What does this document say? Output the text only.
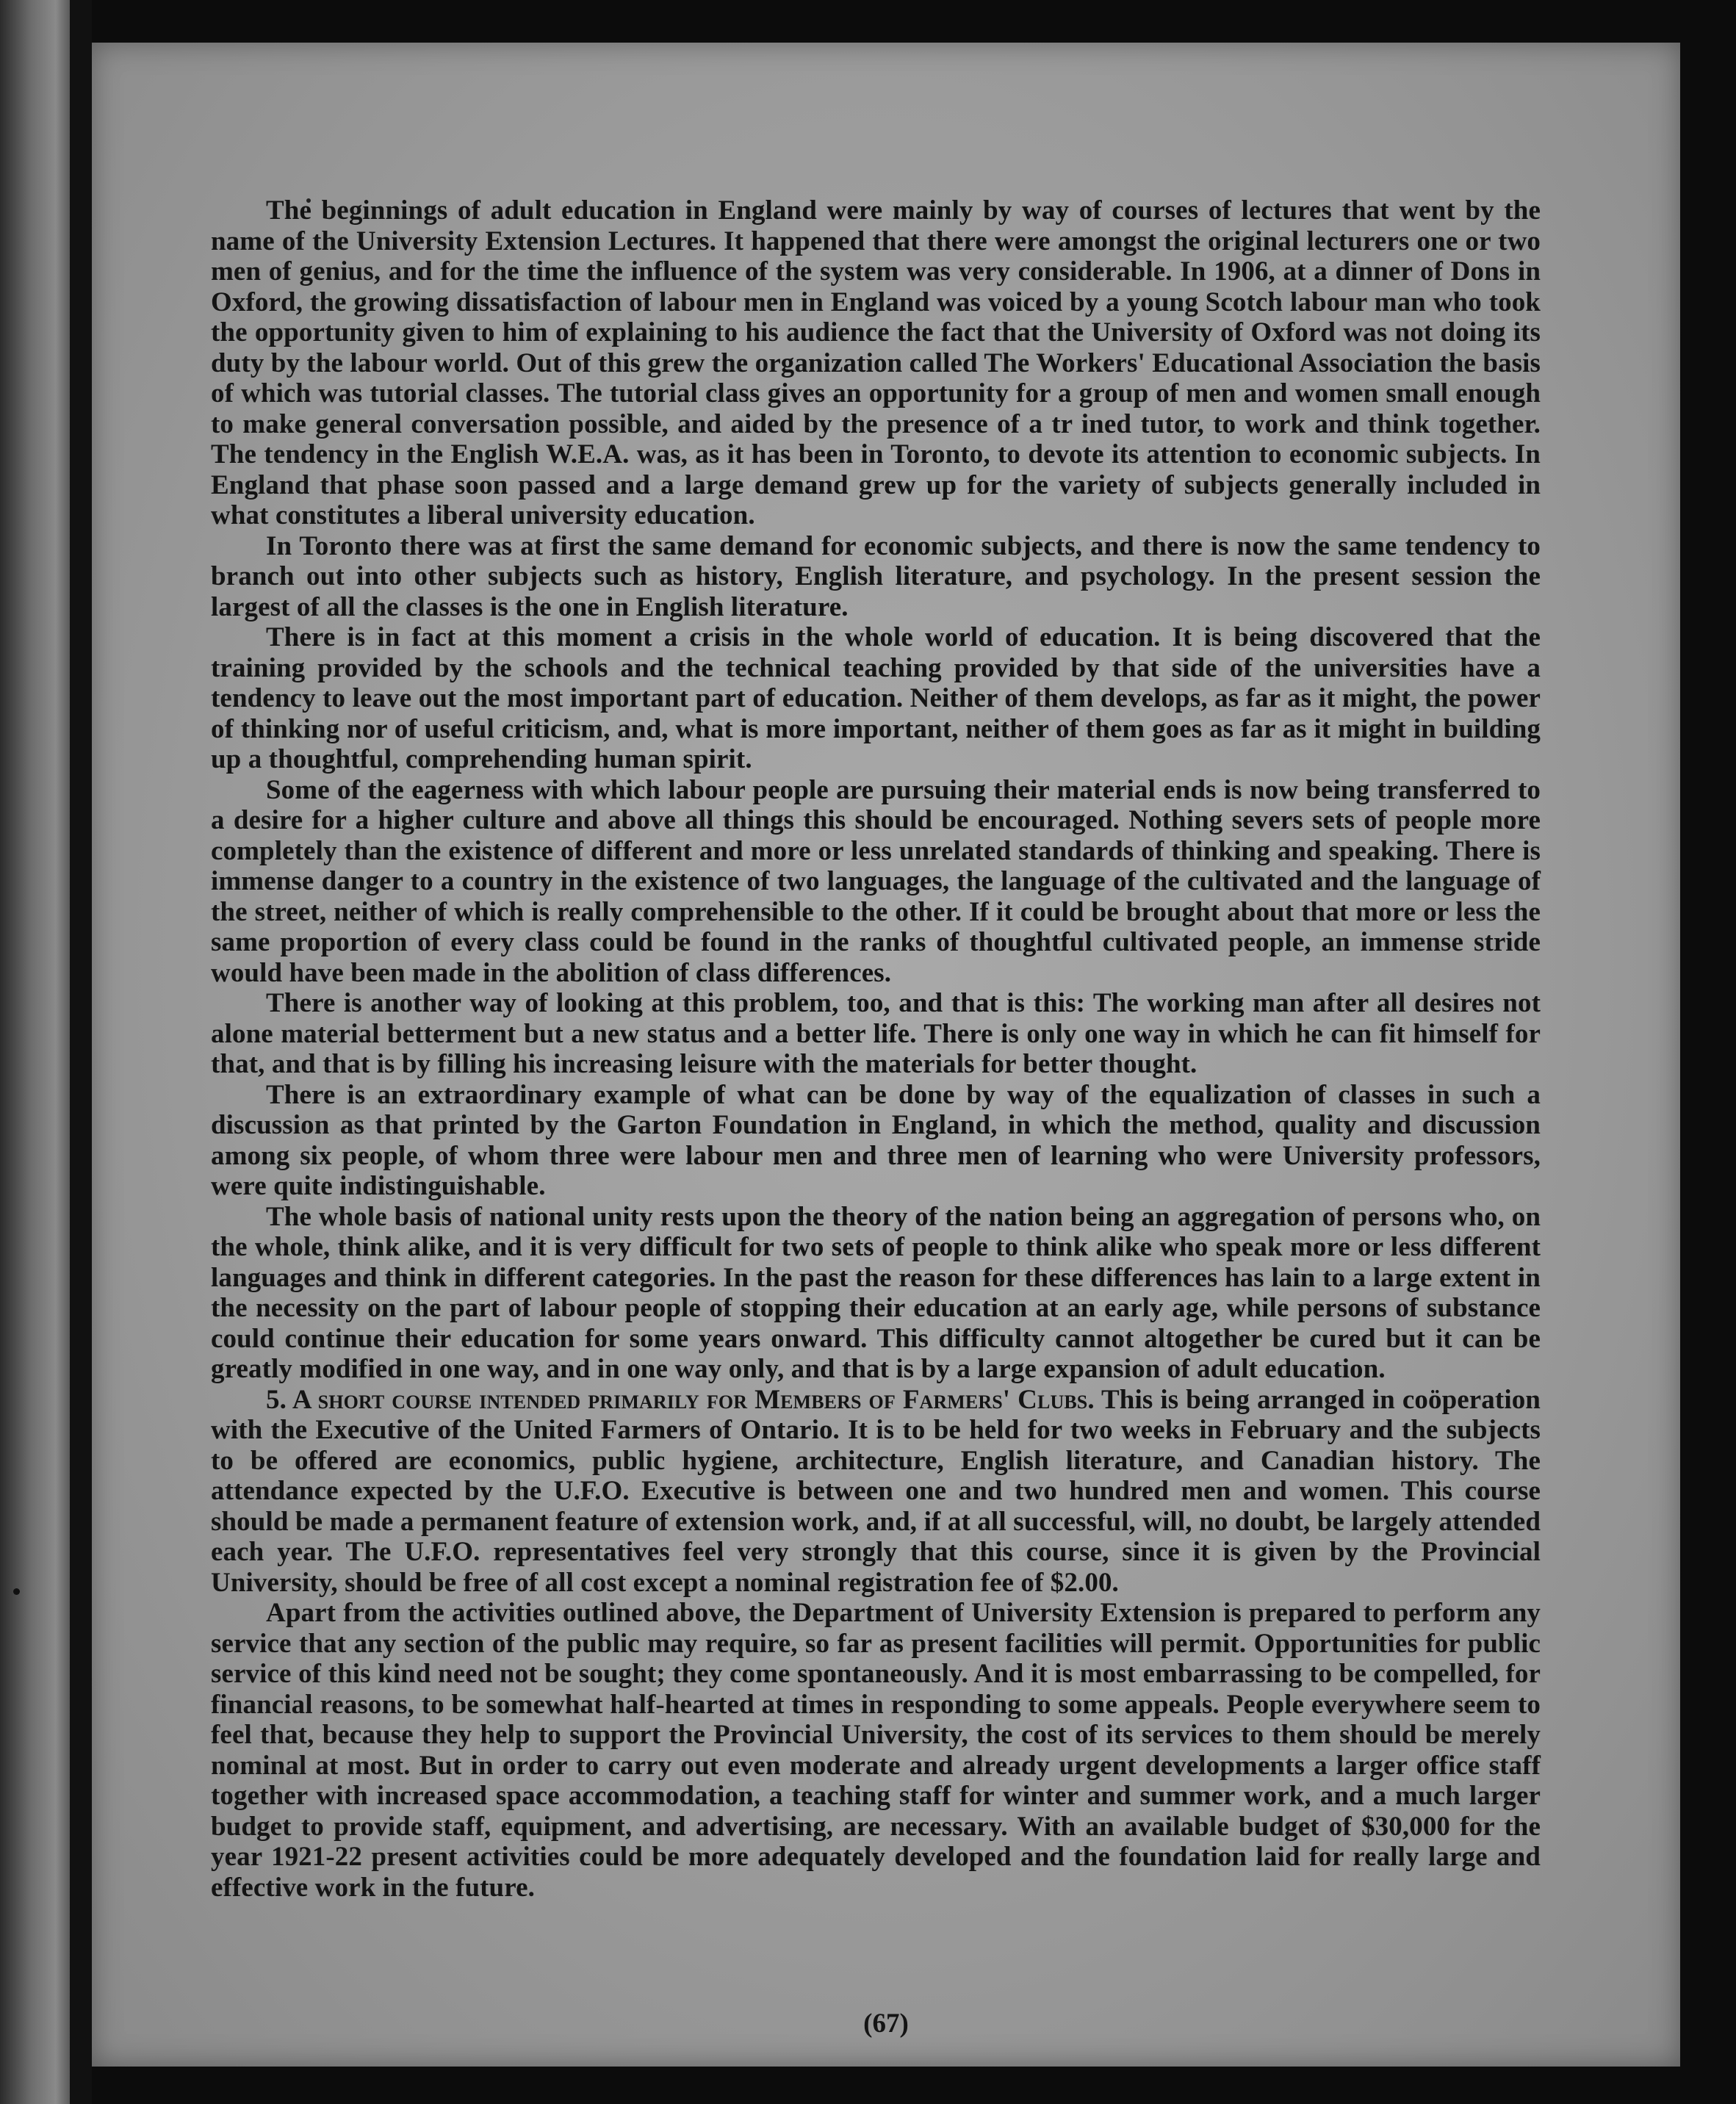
The beginnings of adult education in England were mainly by way of courses of lectures that went by the name of the University Extension Lectures. It happened that there were amongst the original lecturers one or two men of genius, and for the time the influence of the system was very considerable. In 1906, at a dinner of Dons in Oxford, the growing dissatisfaction of labour men in England was voiced by a young Scotch labour man who took the opportunity given to him of explaining to his audience the fact that the University of Oxford was not doing its duty by the labour world. Out of this grew the organization called The Workers' Educational Association the basis of which was tutorial classes. The tutorial class gives an opportunity for a group of men and women small enough to make general conversation possible, and aided by the presence of a tr ined tutor, to work and think together. The tendency in the English W.E.A. was, as it has been in Toronto, to devote its attention to economic subjects. In England that phase soon passed and a large demand grew up for the variety of subjects generally included in what constitutes a liberal university education.

In Toronto there was at first the same demand for economic subjects, and there is now the same tendency to branch out into other subjects such as history, English literature, and psychology. In the present session the largest of all the classes is the one in English literature.

There is in fact at this moment a crisis in the whole world of education. It is being discovered that the training provided by the schools and the technical teaching provided by that side of the universities have a tendency to leave out the most important part of education. Neither of them develops, as far as it might, the power of thinking nor of useful criticism, and, what is more important, neither of them goes as far as it might in building up a thoughtful, comprehending human spirit.

Some of the eagerness with which labour people are pursuing their material ends is now being transferred to a desire for a higher culture and above all things this should be encouraged. Nothing severs sets of people more completely than the existence of different and more or less unrelated standards of thinking and speaking. There is immense danger to a country in the existence of two languages, the language of the cultivated and the language of the street, neither of which is really comprehensible to the other. If it could be brought about that more or less the same proportion of every class could be found in the ranks of thoughtful cultivated people, an immense stride would have been made in the abolition of class differences.

There is another way of looking at this problem, too, and that is this: The working man after all desires not alone material betterment but a new status and a better life. There is only one way in which he can fit himself for that, and that is by filling his increasing leisure with the materials for better thought.

There is an extraordinary example of what can be done by way of the equalization of classes in such a discussion as that printed by the Garton Foundation in England, in which the method, quality and discussion among six people, of whom three were labour men and three men of learning who were University professors, were quite indistinguishable.

The whole basis of national unity rests upon the theory of the nation being an aggregation of persons who, on the whole, think alike, and it is very difficult for two sets of people to think alike who speak more or less different languages and think in different categories. In the past the reason for these differences has lain to a large extent in the necessity on the part of labour people of stopping their education at an early age, while persons of substance could continue their education for some years onward. This difficulty cannot altogether be cured but it can be greatly modified in one way, and in one way only, and that is by a large expansion of adult education.

5. A short course intended primarily for Members of Farmers' Clubs. This is being arranged in coöperation with the Executive of the United Farmers of Ontario. It is to be held for two weeks in February and the subjects to be offered are economics, public hygiene, architecture, English literature, and Canadian history. The attendance expected by the U.F.O. Executive is between one and two hundred men and women. This course should be made a permanent feature of extension work, and, if at all successful, will, no doubt, be largely attended each year. The U.F.O. representatives feel very strongly that this course, since it is given by the Provincial University, should be free of all cost except a nominal registration fee of $2.00.

Apart from the activities outlined above, the Department of University Extension is prepared to perform any service that any section of the public may require, so far as present facilities will permit. Opportunities for public service of this kind need not be sought; they come spontaneously. And it is most embarrassing to be compelled, for financial reasons, to be somewhat half-hearted at times in responding to some appeals. People everywhere seem to feel that, because they help to support the Provincial University, the cost of its services to them should be merely nominal at most. But in order to carry out even moderate and already urgent developments a larger office staff together with increased space accommodation, a teaching staff for winter and summer work, and a much larger budget to provide staff, equipment, and advertising, are necessary. With an available budget of $30,000 for the year 1921-22 present activities could be more adequately developed and the foundation laid for really large and effective work in the future.

(67)
